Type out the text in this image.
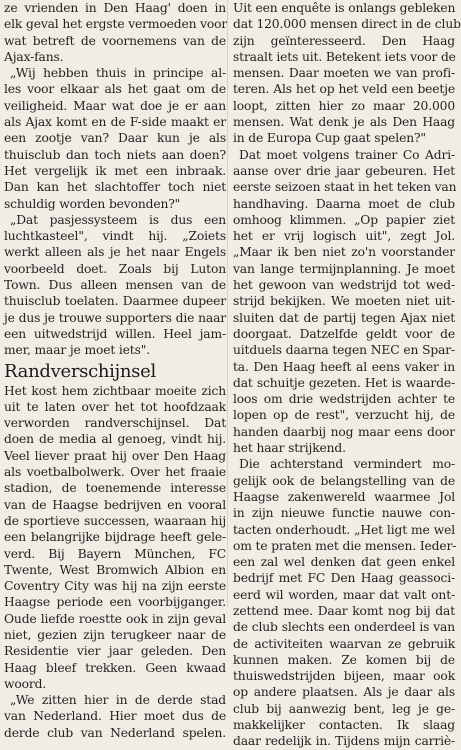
ze vrienden in Den Haag' doen in
elk geval het ergste vermoeden voor
wat betreft de voornemens van de
Ajax-fans.
„Wij hebben thuis in principe al-
les voor elkaar als het gaat om de
veiligheid. Maar wat doe je er aan
als Ajax komt en de F-side maakt er
een zootje van? Daar kun je als
thuisclub dan toch niets aan doen?
Het vergelijk ik met een inbraak.
Dan kan het slachtoffer toch niet
schuldig worden bevonden?"
„Dat pasjessysteem is dus een
luchtkasteel", vindt hij. „Zoiets
werkt alleen als je het naar Engels
voorbeeld doet. Zoals bij Luton
Town. Dus alleen mensen van de
thuisclub toelaten. Daarmee dupeer
je dus je trouwe supporters die naar
een uitwedstrijd willen. Heel jam-
mer, maar je moet iets".
Randverschijnsel
Het kost hem zichtbaar moeite zich
uit te laten over het tot hoofdzaak
verworden randverschijnsel. Dat
doen de media al genoeg, vindt hij.
Veel liever praat hij over Den Haag
als voetbalbolwerk. Over het fraaie
stadion, de toenemende interesse
van de Haagse bedrijven en vooral
de sportieve successen, waaraan hij
een belangrijke bijdrage heeft gele-
verd. Bij Bayern München, FC
Twente, West Bromwich Albion en
Coventry City was hij na zijn eerste
Haagse periode een voorbijganger.
Oude liefde roestte ook in zijn geval
niet, gezien zijn terugkeer naar de
Residentie vier jaar geleden. Den
Haag bleef trekken. Geen kwaad
woord.
„We zitten hier in de derde stad
van Nederland. Hier moet dus de
derde club van Nederland spelen.
Uit een enquête is onlangs gebleken
dat 120.000 mensen direct in de club
zijn geïnteresseerd. Den Haag
straalt iets uit. Betekent iets voor de
mensen. Daar moeten we van profi-
teren. Als het op het veld een beetje
loopt, zitten hier zo maar 20.000
mensen. Wat denk je als Den Haag
in de Europa Cup gaat spelen?"
Dat moet volgens trainer Co Adri-
aanse over drie jaar gebeuren. Het
eerste seizoen staat in het teken van
handhaving. Daarna moet de club
omhoog klimmen. „Op papier ziet
het er vrij logisch uit", zegt Jol.
„Maar ik ben niet zo'n voorstander
van lange termijnplanning. Je moet
het gewoon van wedstrijd tot wed-
strijd bekijken. We moeten niet uit-
sluiten dat de partij tegen Ajax niet
doorgaat. Datzelfde geldt voor de
uitduels daarna tegen NEC en Spar-
ta. Den Haag heeft al eens vaker in
dat schuitje gezeten. Het is waarde-
loos om drie wedstrijden achter te
lopen op de rest", verzucht hij, de
handen daarbij nog maar eens door
het haar strijkend.
Die achterstand vermindert mo-
gelijk ook de belangstelling van de
Haagse zakenwereld waarmee Jol
in zijn nieuwe functie nauwe con-
tacten onderhoudt. „Het ligt me wel
om te praten met die mensen. Ieder-
een zal wel denken dat geen enkel
bedrijf met FC Den Haag geassoci-
eerd wil worden, maar dat valt ont-
zettend mee. Daar komt nog bij dat
de club slechts een onderdeel is van
de activiteiten waarvan ze gebruik
kunnen maken. Ze komen bij de
thuiswedstrijden bijeen, maar ook
op andere plaatsen. Als je daar als
club bij aanwezig bent, leg je ge-
makkelijker contacten. Ik slaag
daar redelijk in. Tijdens mijn carriè-
